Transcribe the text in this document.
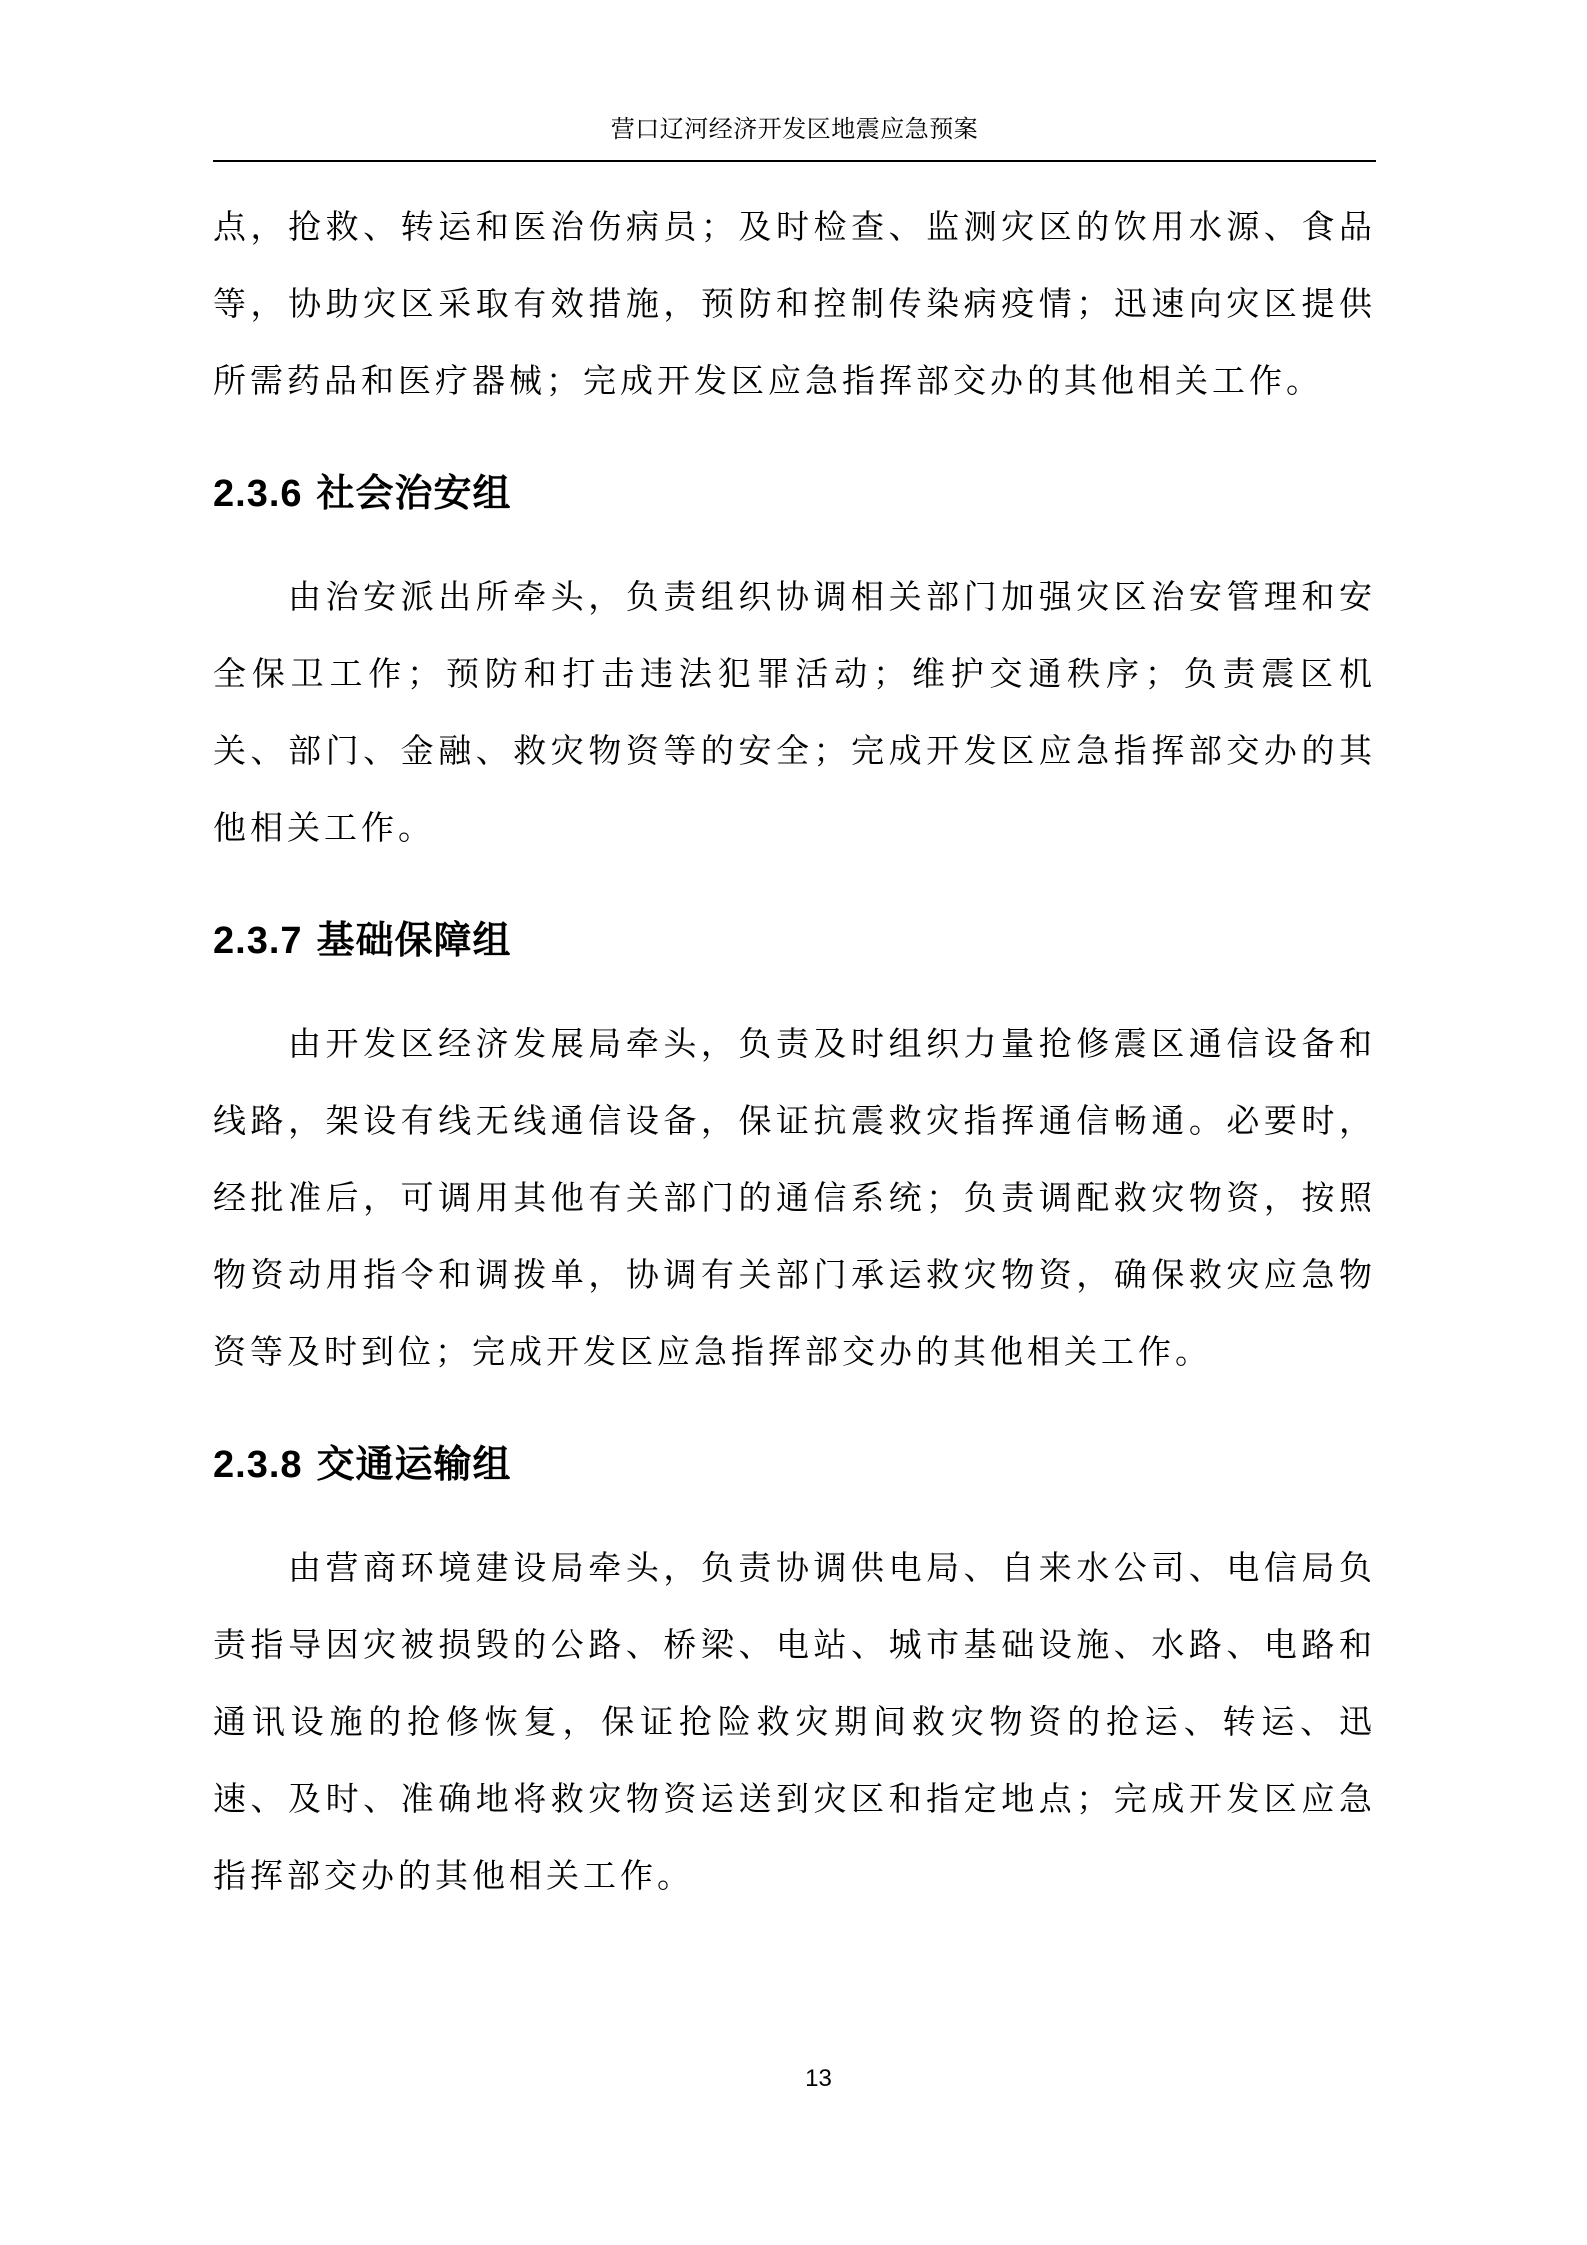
营口辽河经济开发区地震应急预案

点，抢救、转运和医治伤病员；及时检查、监测灾区的饮用水源、食品等，协助灾区采取有效措施，预防和控制传染病疫情；迅速向灾区提供所需药品和医疗器械；完成开发区应急指挥部交办的其他相关工作。

2.3.6 社会治安组

由治安派出所牵头，负责组织协调相关部门加强灾区治安管理和安全保卫工作；预防和打击违法犯罪活动；维护交通秩序；负责震区机关、部门、金融、救灾物资等的安全；完成开发区应急指挥部交办的其他相关工作。

2.3.7 基础保障组

由开发区经济发展局牵头，负责及时组织力量抢修震区通信设备和线路，架设有线无线通信设备，保证抗震救灾指挥通信畅通。必要时，经批准后，可调用其他有关部门的通信系统；负责调配救灾物资，按照物资动用指令和调拨单，协调有关部门承运救灾物资，确保救灾应急物资等及时到位；完成开发区应急指挥部交办的其他相关工作。

2.3.8 交通运输组

由营商环境建设局牵头，负责协调供电局、自来水公司、电信局负责指导因灾被损毁的公路、桥梁、电站、城市基础设施、水路、电路和通讯设施的抢修恢复，保证抢险救灾期间救灾物资的抢运、转运、迅速、及时、准确地将救灾物资运送到灾区和指定地点；完成开发区应急指挥部交办的其他相关工作。

13
